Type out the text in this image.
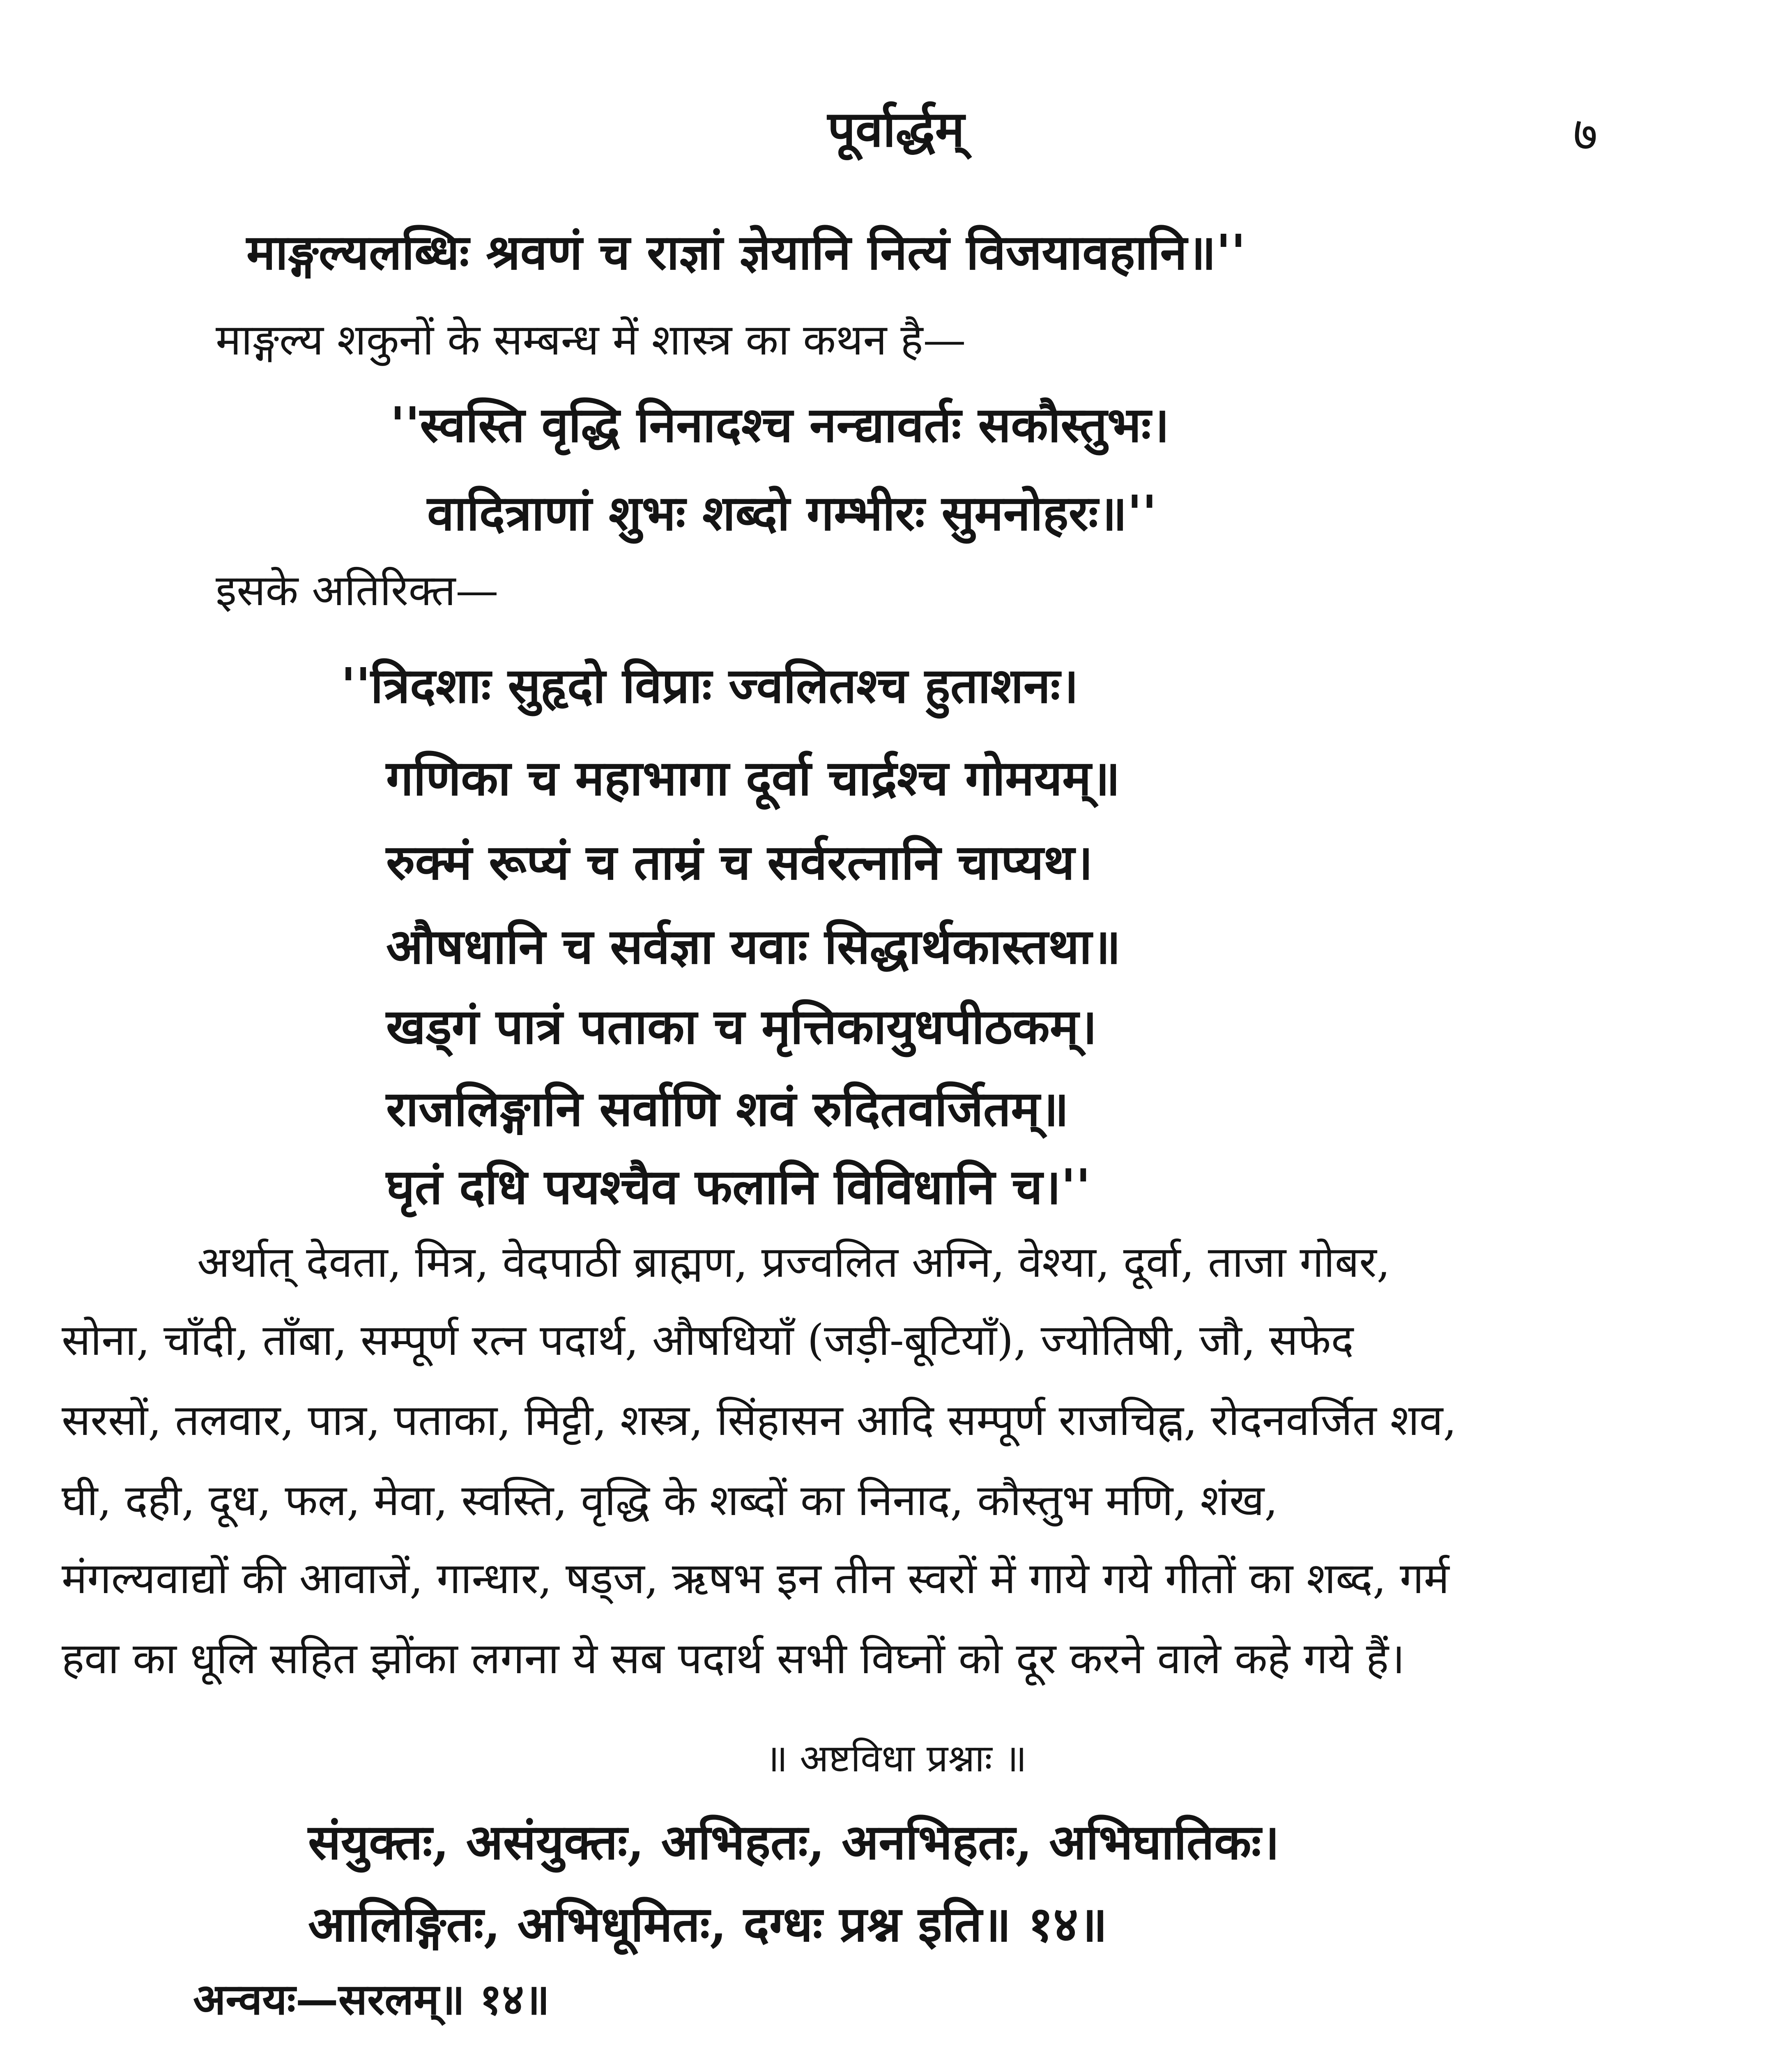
पूर्वार्द्धम्	७
माङ्गल्यलब्धिः श्रवणं च राज्ञां ज्ञेयानि नित्यं विजयावहानि॥''
माङ्गल्य शकुनों के सम्बन्ध में शास्त्र का कथन है—
''स्वस्ति वृद्धि निनादश्च नन्द्यावर्तः सकौस्तुभः।
वादित्राणां शुभः शब्दो गम्भीरः सुमनोहरः॥''
इसके अतिरिक्त—
''त्रिदशाः सुहृदो विप्राः ज्वलितश्च हुताशनः।
गणिका च महाभागा दूर्वा चार्द्रश्च गोमयम्॥
रुक्मं रूप्यं च ताम्रं च सर्वरत्नानि चाप्यथ।
औषधानि च सर्वज्ञा यवाः सिद्धार्थकास्तथा॥
खड्गं पात्रं पताका च मृत्तिकायुधपीठकम्।
राजलिङ्गानि सर्वाणि शवं रुदितवर्जितम्॥
घृतं दधि पयश्चैव फलानि विविधानि च।''
अर्थात् देवता, मित्र, वेदपाठी ब्राह्मण, प्रज्वलित अग्नि, वेश्या, दूर्वा, ताजा गोबर,
सोना, चाँदी, ताँबा, सम्पूर्ण रत्न पदार्थ, औषधियाँ (जड़ी-बूटियाँ), ज्योतिषी, जौ, सफेद
सरसों, तलवार, पात्र, पताका, मिट्टी, शस्त्र, सिंहासन आदि सम्पूर्ण राजचिह्न, रोदनवर्जित शव,
घी, दही, दूध, फल, मेवा, स्वस्ति, वृद्धि के शब्दों का निनाद, कौस्तुभ मणि, शंख,
मंगल्यवाद्यों की आवाजें, गान्धार, षड्ज, ऋषभ इन तीन स्वरों में गाये गये गीतों का शब्द, गर्म
हवा का धूलि सहित झोंका लगना ये सब पदार्थ सभी विघ्नों को दूर करने वाले कहे गये हैं।
॥ अष्टविधा प्रश्नाः ॥
संयुक्तः, असंयुक्तः, अभिहतः, अनभिहतः, अभिघातिकः।
आलिङ्गितः, अभिधूमितः, दग्धः प्रश्न इति॥ १४॥
अन्वयः—सरलम्॥ १४॥
